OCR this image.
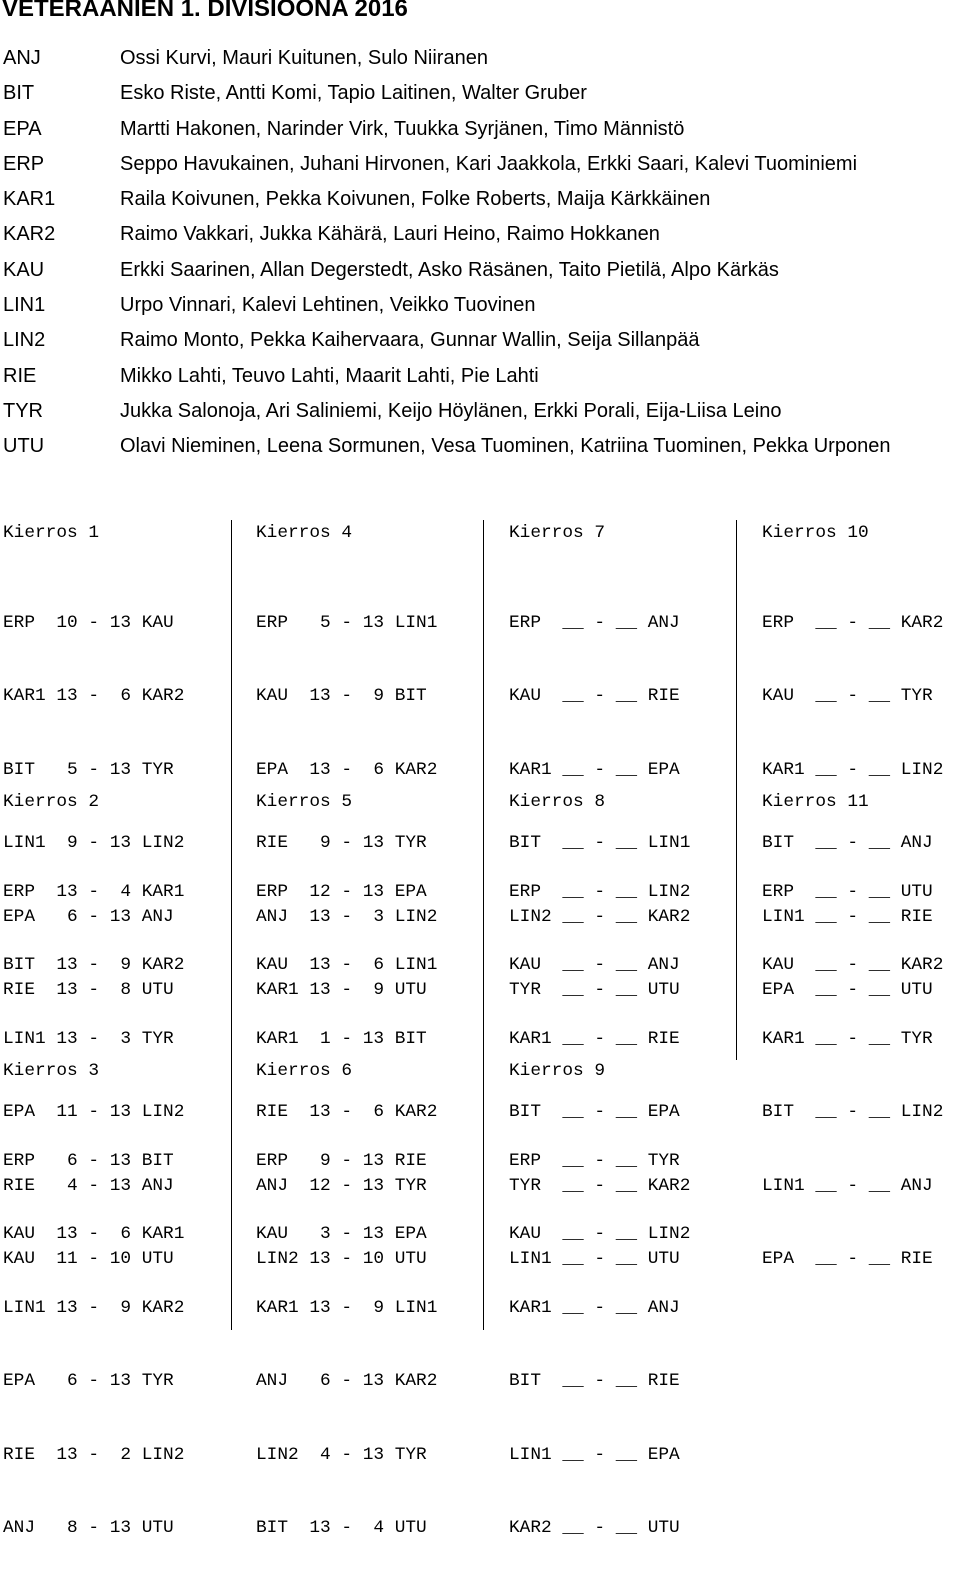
VETERAANIEN 1. DIVISIOONA 2016
ANJ	Ossi Kurvi, Mauri Kuitunen, Sulo Niiranen
BIT	Esko Riste, Antti Komi, Tapio Laitinen, Walter Gruber
EPA	Martti Hakonen, Narinder Virk, Tuukka Syrjänen, Timo Männistö
ERP	Seppo Havukainen, Juhani Hirvonen, Kari Jaakkola, Erkki Saari, Kalevi Tuominiemi
KAR1	Raila Koivunen, Pekka Koivunen, Folke Roberts, Maija Kärkkäinen
KAR2	Raimo Vakkari, Jukka Kähärä, Lauri Heino, Raimo Hokkanen
KAU	Erkki Saarinen, Allan Degerstedt, Asko Räsänen, Taito Pietilä, Alpo Kärkäs
LIN1	Urpo Vinnari, Kalevi Lehtinen, Veikko Tuovinen
LIN2	Raimo Monto, Pekka Kaihervaara, Gunnar Wallin, Seija Sillanpää
RIE	Mikko Lahti, Teuvo Lahti, Maarit Lahti, Pie Lahti
TYR	Jukka Salonoja, Ari Saliniemi, Keijo Höylänen, Erkki Porali, Eija-Liisa Leino
UTU	Olavi Nieminen, Leena Sormunen, Vesa Tuominen, Katriina Tuominen, Pekka Urponen

Kierros 1

ERP  10 - 13 KAU

KAR1 13 -  6 KAR2

BIT   5 - 13 TYR

LIN1  9 - 13 LIN2

EPA   6 - 13 ANJ

RIE  13 -  8 UTU

Kierros 2

ERP  13 -  4 KAR1

BIT  13 -  9 KAR2

LIN1 13 -  3 TYR

EPA  11 - 13 LIN2

RIE   4 - 13 ANJ

KAU  11 - 10 UTU

Kierros 3

ERP   6 - 13 BIT

KAU  13 -  6 KAR1

LIN1 13 -  9 KAR2

EPA   6 - 13 TYR

RIE  13 -  2 LIN2

ANJ   8 - 13 UTU

Kierros 4

ERP   5 - 13 LIN1

KAU  13 -  9 BIT

EPA  13 -  6 KAR2

RIE   9 - 13 TYR

ANJ  13 -  3 LIN2

KAR1 13 -  9 UTU

Kierros 5

ERP  12 - 13 EPA

KAU  13 -  6 LIN1

KAR1  1 - 13 BIT

RIE  13 -  6 KAR2

ANJ  12 - 13 TYR

LIN2 13 - 10 UTU

Kierros 6

ERP   9 - 13 RIE

KAU   3 - 13 EPA

KAR1 13 -  9 LIN1

ANJ   6 - 13 KAR2

LIN2  4 - 13 TYR

BIT  13 -  4 UTU

Kierros 7

ERP  __ - __ ANJ

KAU  __ - __ RIE

KAR1 __ - __ EPA

BIT  __ - __ LIN1

LIN2 __ - __ KAR2

TYR  __ - __ UTU

Kierros 8

ERP  __ - __ LIN2

KAU  __ - __ ANJ

KAR1 __ - __ RIE

BIT  __ - __ EPA

TYR  __ - __ KAR2

LIN1 __ - __ UTU

Kierros 9

ERP  __ - __ TYR

KAU  __ - __ LIN2

KAR1 __ - __ ANJ

BIT  __ - __ RIE

LIN1 __ - __ EPA

KAR2 __ - __ UTU

Kierros 10

ERP  __ - __ KAR2

KAU  __ - __ TYR

KAR1 __ - __ LIN2

BIT  __ - __ ANJ

LIN1 __ - __ RIE

EPA  __ - __ UTU

Kierros 11

ERP  __ - __ UTU

KAU  __ - __ KAR2

KAR1 __ - __ TYR

BIT  __ - __ LIN2

LIN1 __ - __ ANJ

EPA  __ - __ RIE
